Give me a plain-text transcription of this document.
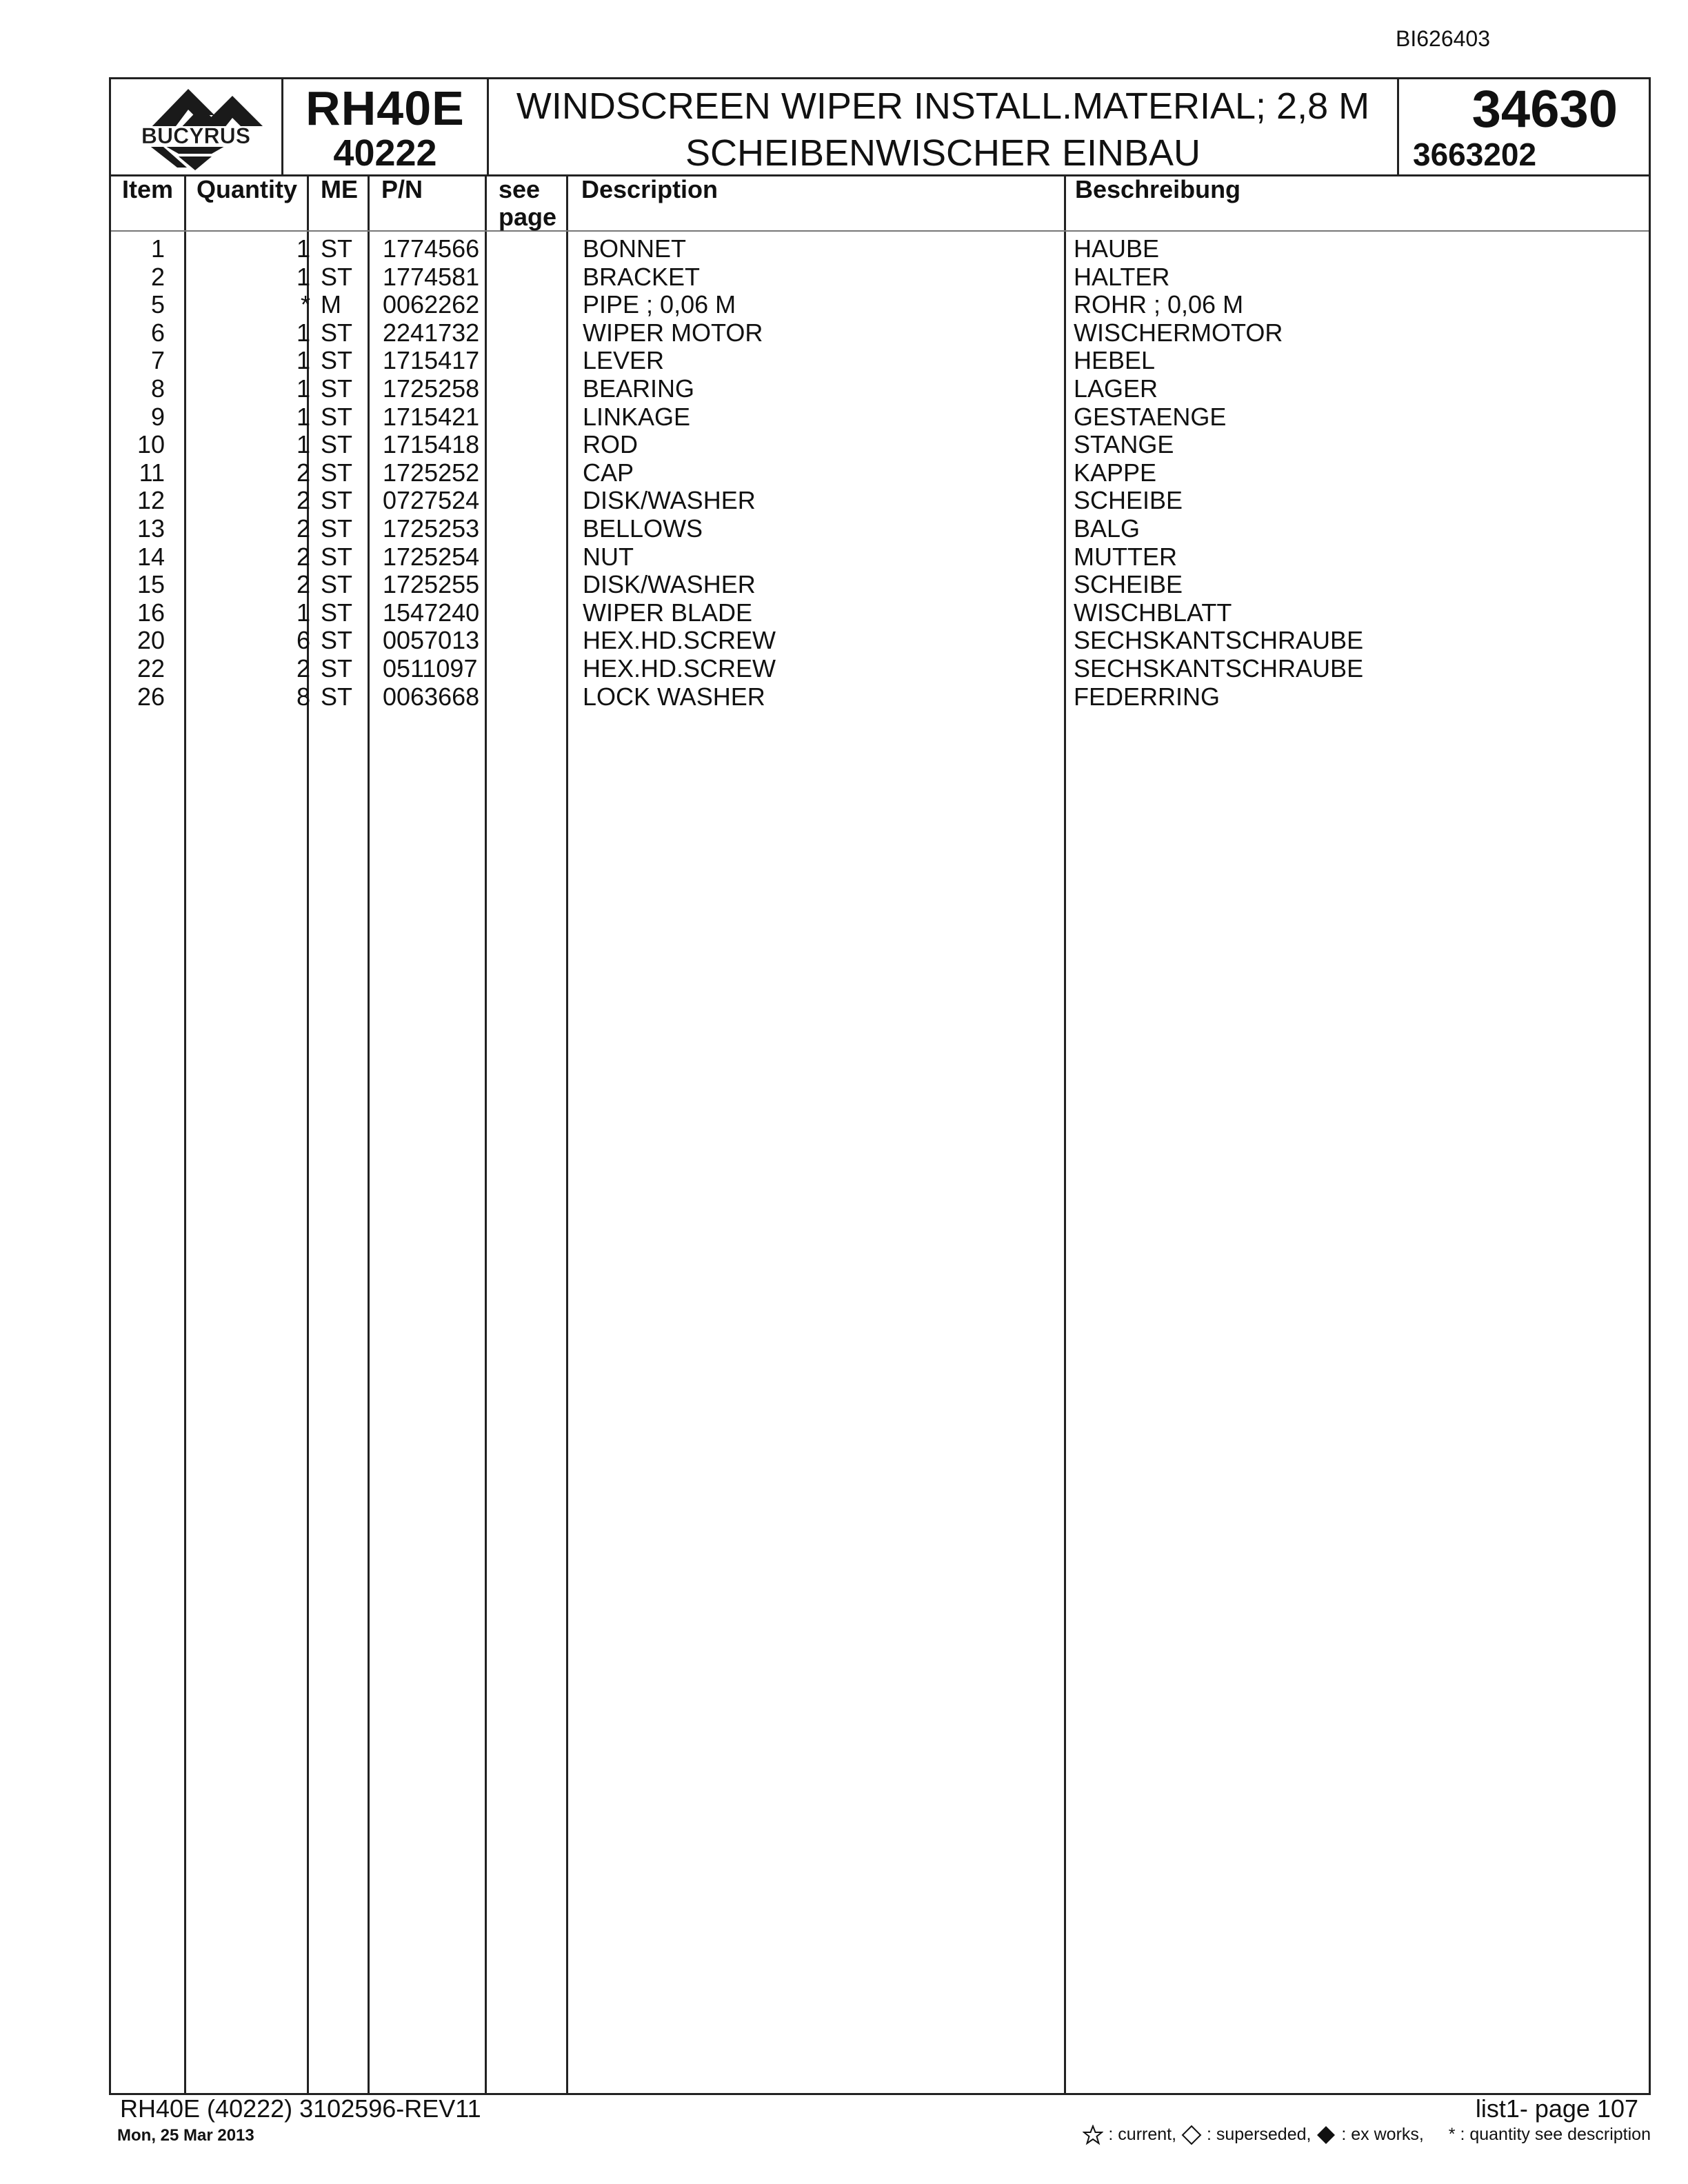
BI626403
BUCYRUS
RH40E
40222
WINDSCREEN WIPER INSTALL.MATERIAL; 2,8 M
SCHEIBENWISCHER EINBAU
34630
3663202
Item Quantity ME P/N	see
page
Description	Beschreibung
1	1 ST 1774566	BONNET	HAUBE
2	1 ST 1774581	BRACKET	HALTER
5	* M 0062262	PIPE ; 0,06 M	ROHR ; 0,06 M
6	1 ST 2241732	WIPER MOTOR	WISCHERMOTOR
7	1 ST 1715417	LEVER	HEBEL
8	1 ST 1725258	BEARING	LAGER
9	1 ST 1715421	LINKAGE	GESTAENGE
10	1 ST 1715418	ROD	STANGE
11	2 ST 1725252	CAP	KAPPE
12	2 ST 0727524	DISK/WASHER	SCHEIBE
13	2 ST 1725253	BELLOWS	BALG
14	2 ST 1725254	NUT	MUTTER
15	2 ST 1725255	DISK/WASHER	SCHEIBE
16	1 ST 1547240	WIPER BLADE	WISCHBLATT
20	6 ST 0057013	HEX.HD.SCREW	SECHSKANTSCHRAUBE
22	2 ST 0511097	HEX.HD.SCREW	SECHSKANTSCHRAUBE
26	8 ST 0063668	LOCK WASHER	FEDERRING
RH40E (40222) 3102596-REV11
Mon, 25 Mar 2013
list1- page 107
: current, : superseded, : ex works, * : quantity see description
